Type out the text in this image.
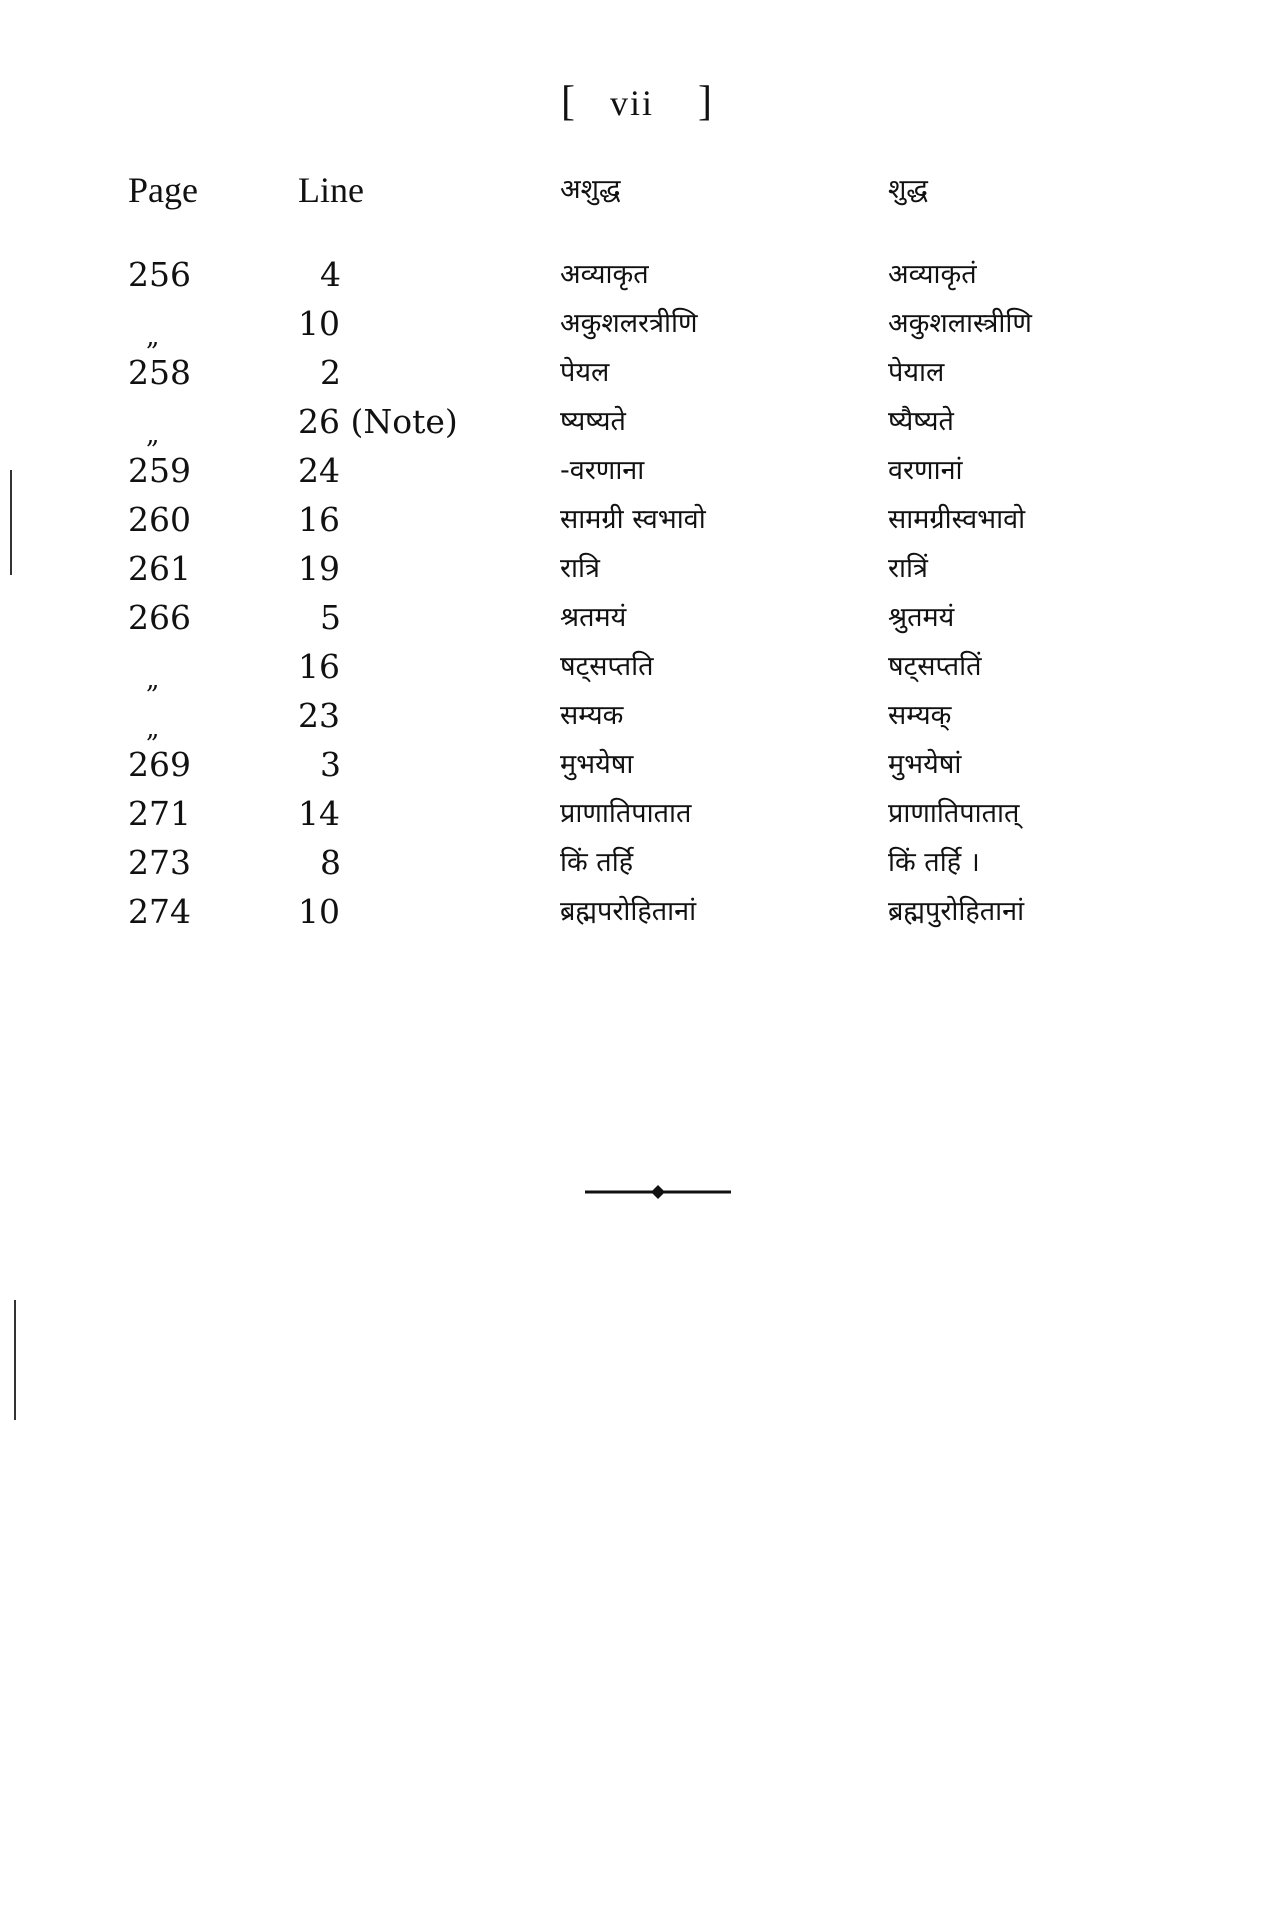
[ vii ]
Page	Line	अशुद्ध	शुद्ध
256	4	अव्याकृत	अव्याकृतं
$_„$	10	अकुशलरत्रीणि	अकुशलास्त्रीणि
258	2	पेयल	पेयाल
$_„$	26 (Note)	ष्यष्यते	ष्यैष्यते
259	24	-वरणाना	वरणानां
260	16	सामग्री स्वभावो	सामग्रीस्वभावो
261	19	रात्रि	रात्रिं
266	5	श्रतमयं	श्रुतमयं
$_„$	16	षट्सप्तति	षट्सप्ततिं
$_„$	23	सम्यक	सम्यक्
269	3	मुभयेषा	मुभयेषां
271	14	प्राणातिपातात	प्राणातिपातात्
273	8	किं तर्हि	किं तर्हि ।
274	10	ब्रह्मपरोहितानां	ब्रह्मपुरोहितानां
